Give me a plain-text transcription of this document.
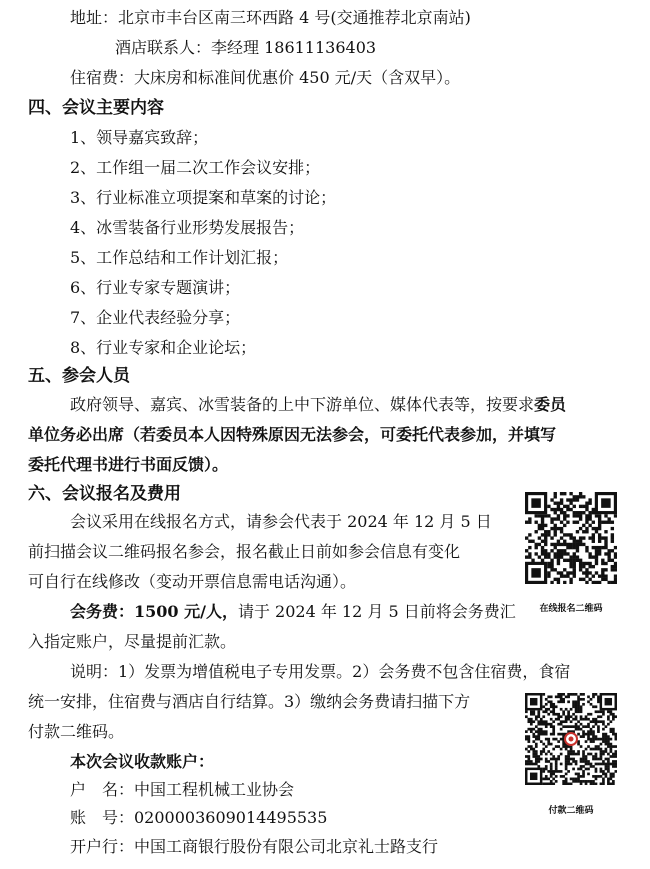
地址：北京市丰台区南三环西路 4 号(交通推荐北京南站)
酒店联系人：李经理 18611136403
住宿费：大床房和标准间优惠价 450 元/天（含双早）。
四、会议主要内容
1、领导嘉宾致辞；
2、工作组一届二次工作会议安排；
3、行业标准立项提案和草案的讨论；
4、冰雪装备行业形势发展报告；
5、工作总结和工作计划汇报；
6、行业专家专题演讲；
7、企业代表经验分享；
8、行业专家和企业论坛；
五、参会人员
政府领导、嘉宾、冰雪装备的上中下游单位、媒体代表等，按要求委员
单位务必出席（若委员本人因特殊原因无法参会，可委托代表参加，并填写
委托代理书进行书面反馈）。
六、会议报名及费用
会议采用在线报名方式，请参会代表于 2024 年 12 月 5 日
前扫描会议二维码报名参会，报名截止日前如参会信息有变化
可自行在线修改（变动开票信息需电话沟通）。
会务费：1500 元/人，请于 2024 年 12 月 5 日前将会务费汇
入指定账户，尽量提前汇款。
说明：1）发票为增值税电子专用发票。2）会务费不包含住宿费，食宿
统一安排，住宿费与酒店自行结算。3）缴纳会务费请扫描下方
付款二维码。
本次会议收款账户：
户　名：中国工程机械工业协会
账　号：0200003609014495535
开户行：中国工商银行股份有限公司北京礼士路支行
在线报名二维码
付款二维码
